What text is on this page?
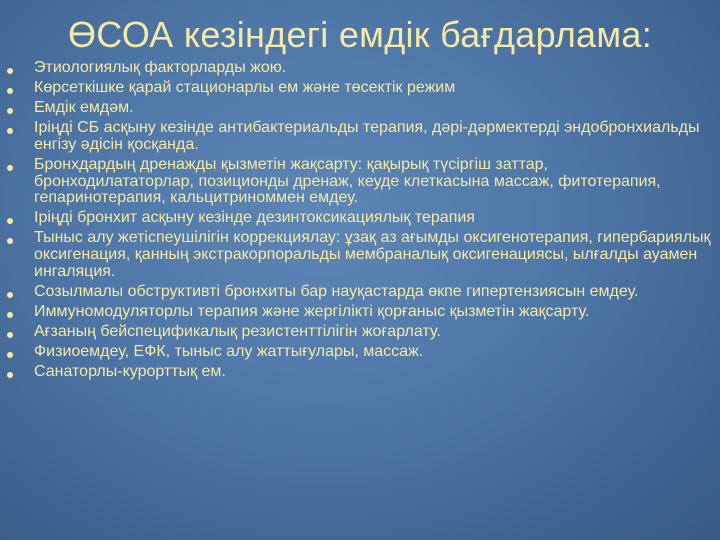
ӨСОА кезіндегі емдік бағдарлама:
Этиологиялық факторларды жою.
Көрсеткішке қарай стационарлы ем және төсектік режим
Емдік емдәм.
Іріңді СБ асқыну кезінде антибактериальды терапия, дәрі-дәрмектерді эндобронхиальды енгізу әдісін қосқанда.
Бронхдардың дренажды қызметін жақсарту: қақырық түсіргіш заттар, бронходилататорлар, позиционды дренаж, кеуде клеткасына массаж, фитотерапия, гепаринотерапия, кальцитриноммен емдеу.
Іріңді бронхит асқыну кезінде дезинтоксикациялық терапия
Тыныс алу жетіспеушілігін коррекциялау: ұзақ аз ағымды оксигенотерапия, гипербариялық оксигенация, қанның экстракорпоральды мембраналық оксигенациясы, ылғалды ауамен ингаляция.
Созылмалы обструктивті бронхиты бар науқастарда өкпе гипертензиясын емдеу.
Иммуномодуляторлы терапия және жергілікті қорғаныс қызметін жақсарту.
Ағзаның бейспецификалық резистенттілігін жоғарлату.
Физиоемдеу, ЕФК, тыныс алу жаттығулары, массаж.
Санаторлы-курорттық ем.
